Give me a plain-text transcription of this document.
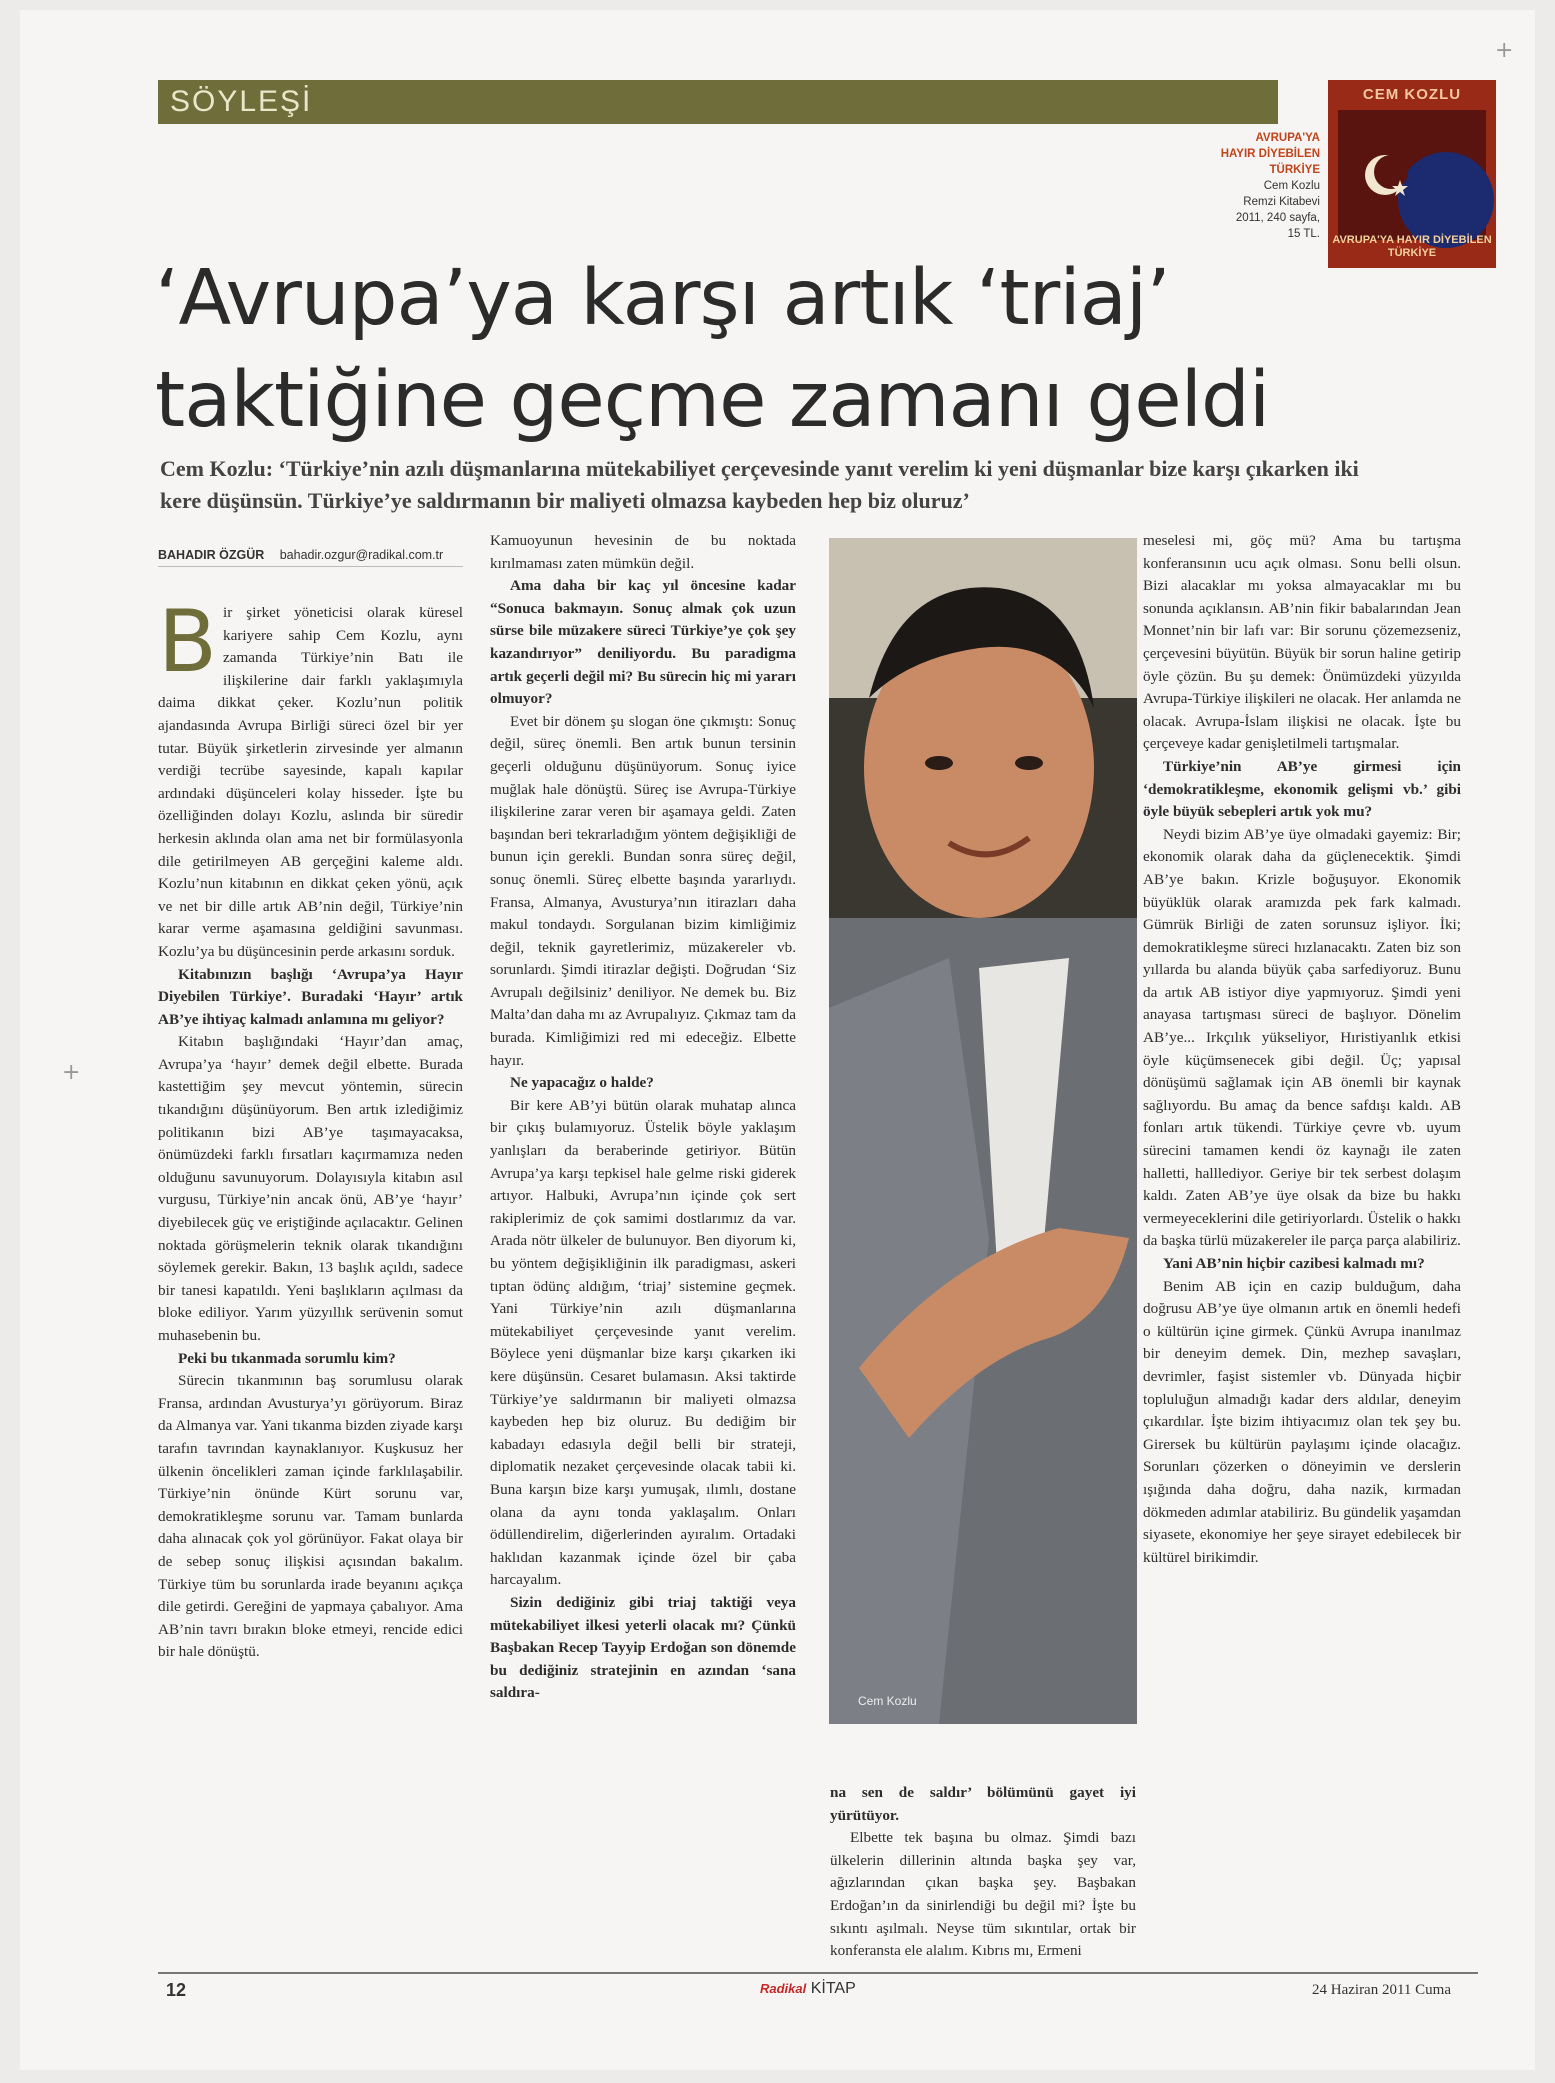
+
+
SÖYLEŞİ
AVRUPA'YA
HAYIR DİYEBİLEN
TÜRKİYE
Cem Kozlu
Remzi Kitabevi
2011, 240 sayfa,
15 TL.
CEM KOZLU
AVRUPA'YA HAYIR DİYEBİLEN TÜRKİYE
‘Avrupa’ya karşı artık ‘triaj’
taktiğine geçme zamanı geldi
Cem Kozlu: ‘Türkiye’nin azılı düşmanlarına mütekabiliyet çerçevesinde yanıt verelim ki yeni düşmanlar bize karşı çıkarken iki kere düşünsün. Türkiye’ye saldırmanın bir maliyeti olmazsa kaybeden hep biz oluruz’
BAHADIR ÖZGÜR bahadir.ozgur@radikal.com.tr

Bir şirket yöneticisi olarak küresel kariyere sahip Cem Kozlu, aynı zamanda Türkiye’nin Batı ile ilişkilerine dair farklı yaklaşımıyla daima dikkat çeker. Kozlu’nun politik ajandasında Avrupa Birliği süreci özel bir yer tutar. Büyük şirketlerin zirvesinde yer almanın verdiği tecrübe sayesinde, kapalı kapılar ardındaki düşünceleri kolay hisseder. İşte bu özelliğinden dolayı Kozlu, aslında bir süredir herkesin aklında olan ama net bir formülasyonla dile getirilmeyen AB gerçeğini kaleme aldı. Kozlu’nun kitabının en dikkat çeken yönü, açık ve net bir dille artık AB’nin değil, Türkiye’nin karar verme aşamasına geldiğini savunması. Kozlu’ya bu düşüncesinin perde arkasını sorduk.

Kitabınızın başlığı ‘Avrupa’ya Hayır Diyebilen Türkiye’. Buradaki ‘Hayır’ artık AB’ye ihtiyaç kalmadı anlamına mı geliyor?

Kitabın başlığındaki ‘Hayır’dan amaç, Avrupa’ya ‘hayır’ demek değil elbette. Burada kastettiğim şey mevcut yöntemin, sürecin tıkandığını düşünüyorum. Ben artık izlediğimiz politikanın bizi AB’ye taşımayacaksa, önümüzdeki farklı fırsatları kaçırmamıza neden olduğunu savunuyorum. Dolayısıyla kitabın asıl vurgusu, Türkiye’nin ancak önü, AB’ye ‘hayır’ diyebilecek güç ve eriştiğinde açılacaktır. Gelinen noktada görüşmelerin teknik olarak tıkandığını söylemek gerekir. Bakın, 13 başlık açıldı, sadece bir tanesi kapatıldı. Yeni başlıkların açılması da bloke ediliyor. Yarım yüzyıllık serüvenin somut muhasebenin bu.

Peki bu tıkanmada sorumlu kim?

Sürecin tıkanmının baş sorumlusu olarak Fransa, ardından Avusturya’yı görüyorum. Biraz da Almanya var. Yani tıkanma bizden ziyade karşı tarafın tavrından kaynaklanıyor. Kuşkusuz her ülkenin öncelikleri zaman içinde farklılaşabilir. Türkiye’nin önünde Kürt sorunu var, demokratikleşme sorunu var. Tamam bunlarda daha alınacak çok yol görünüyor. Fakat olaya bir de sebep sonuç ilişkisi açısından bakalım. Türkiye tüm bu sorunlarda irade beyanını açıkça dile getirdi. Gereğini de yapmaya çabalıyor. Ama AB’nin tavrı bırakın bloke etmeyi, rencide edici bir hale dönüştü.

Kamuoyunun hevesinin de bu noktada kırılmaması zaten mümkün değil.

Ama daha bir kaç yıl öncesine kadar “Sonuca bakmayın. Sonuç almak çok uzun sürse bile müzakere süreci Türkiye’ye çok şey kazandırıyor” deniliyordu. Bu paradigma artık geçerli değil mi? Bu sürecin hiç mi yararı olmuyor?

Evet bir dönem şu slogan öne çıkmıştı: Sonuç değil, süreç önemli. Ben artık bunun tersinin geçerli olduğunu düşünüyorum. Sonuç iyice muğlak hale dönüştü. Süreç ise Avrupa-Türkiye ilişkilerine zarar veren bir aşamaya geldi. Zaten başından beri tekrarladığım yöntem değişikliği de bunun için gerekli. Bundan sonra süreç değil, sonuç önemli. Süreç elbette başında yararlıydı. Fransa, Almanya, Avusturya’nın itirazları daha makul tondaydı. Sorgulanan bizim kimliğimiz değil, teknik gayretlerimiz, müzakereler vb. sorunlardı. Şimdi itirazlar değişti. Doğrudan ‘Siz Avrupalı değilsiniz’ deniliyor. Ne demek bu. Biz Malta’dan daha mı az Avrupalıyız. Çıkmaz tam da burada. Kimliğimizi red mi edeceğiz. Elbette hayır.

Ne yapacağız o halde?

Bir kere AB’yi bütün olarak muhatap alınca bir çıkış bulamıyoruz. Üstelik böyle yaklaşım yanlışları da beraberinde getiriyor. Bütün Avrupa’ya karşı tepkisel hale gelme riski giderek artıyor. Halbuki, Avrupa’nın içinde çok sert rakiplerimiz de çok samimi dostlarımız da var. Arada nötr ülkeler de bulunuyor. Ben diyorum ki, bu yöntem değişikliğinin ilk paradigması, askeri tıptan ödünç aldığım, ‘triaj’ sistemine geçmek. Yani Türkiye’nin azılı düşmanlarına mütekabiliyet çerçevesinde yanıt verelim. Böylece yeni düşmanlar bize karşı çıkarken iki kere düşünsün. Cesaret bulamasın. Aksi taktirde Türkiye’ye saldırmanın bir maliyeti olmazsa kaybeden hep biz oluruz. Bu dediğim bir kabadayı edasıyla değil belli bir strateji, diplomatik nezaket çerçevesinde olacak tabii ki. Buna karşın bize karşı yumuşak, ılımlı, dostane olana da aynı tonda yaklaşalım. Onları ödüllendirelim, diğerlerinden ayıralım. Ortadaki haklıdan kazanmak içinde özel bir çaba harcayalım.

Sizin dediğiniz gibi triaj taktiği veya mütekabiliyet ilkesi yeterli olacak mı? Çünkü Başbakan Recep Tayyip Erdoğan son dönemde bu dediğiniz stratejinin en azından ‘sana saldıra-	Cem Kozlu

na sen de saldır’ bölümünü gayet iyi yürütüyor.

Elbette tek başına bu olmaz. Şimdi bazı ülkelerin dillerinin altında başka şey var, ağızlarından çıkan başka şey. Başbakan Erdoğan’ın da sinirlendiği bu değil mi? İşte bu sıkıntı aşılmalı. Neyse tüm sıkıntılar, ortak bir konferansta ele alalım. Kıbrıs mı, Ermeni

meselesi mi, göç mü? Ama bu tartışma konferansının ucu açık olması. Sonu belli olsun. Bizi alacaklar mı yoksa almayacaklar mı bu sonunda açıklansın. AB’nin fikir babalarından Jean Monnet’nin bir lafı var: Bir sorunu çözemezseniz, çerçevesini büyütün. Büyük bir sorun haline getirip öyle çözün. Bu şu demek: Önümüzdeki yüzyılda Avrupa-Türkiye ilişkileri ne olacak. Her anlamda ne olacak. Avrupa-İslam ilişkisi ne olacak. İşte bu çerçeveye kadar genişletilmeli tartışmalar.

Türkiye’nin AB’ye girmesi için ‘demokratikleşme, ekonomik gelişmi vb.’ gibi öyle büyük sebepleri artık yok mu?

Neydi bizim AB’ye üye olmadaki gayemiz: Bir; ekonomik olarak daha da güçlenecektik. Şimdi AB’ye bakın. Krizle boğuşuyor. Ekonomik büyüklük olarak aramızda pek fark kalmadı. Gümrük Birliği de zaten sorunsuz işliyor. İki; demokratikleşme süreci hızlanacaktı. Zaten biz son yıllarda bu alanda büyük çaba sarfediyoruz. Bunu da artık AB istiyor diye yapmıyoruz. Şimdi yeni anayasa tartışması süreci de başlıyor. Dönelim AB’ye... Irkçılık yükseliyor, Hıristiyanlık etkisi öyle küçümsenecek gibi değil. Üç; yapısal dönüşümü sağlamak için AB önemli bir kaynak sağlıyordu. Bu amaç da bence safdışı kaldı. AB fonları artık tükendi. Türkiye çevre vb. uyum sürecini tamamen kendi öz kaynağı ile zaten halletti, halllediyor. Geriye bir tek serbest dolaşım kaldı. Zaten AB’ye üye olsak da bize bu hakkı vermeyeceklerini dile getiriyorlardı. Üstelik o hakkı da başka türlü müzakereler ile parça parça alabiliriz.

Yani AB’nin hiçbir cazibesi kalmadı mı?

Benim AB için en cazip bulduğum, daha doğrusu AB’ye üye olmanın artık en önemli hedefi o kültürün içine girmek. Çünkü Avrupa inanılmaz bir deneyim demek. Din, mezhep savaşları, devrimler, faşist sistemler vb. Dünyada hiçbir topluluğun almadığı kadar ders aldılar, deneyim çıkardılar. İşte bizim ihtiyacımız olan tek şey bu. Girersek bu kültürün paylaşımı içinde olacağız. Sorunları çözerken o döneyimin ve derslerin ışığında daha doğru, daha nazik, kırmadan dökmeden adımlar atabiliriz. Bu gündelik yaşamdan siyasete, ekonomiye her şeye sirayet edebilecek bir kültürel birikimdir.

12	Radikal KİTAP	24 Haziran 2011 Cuma
